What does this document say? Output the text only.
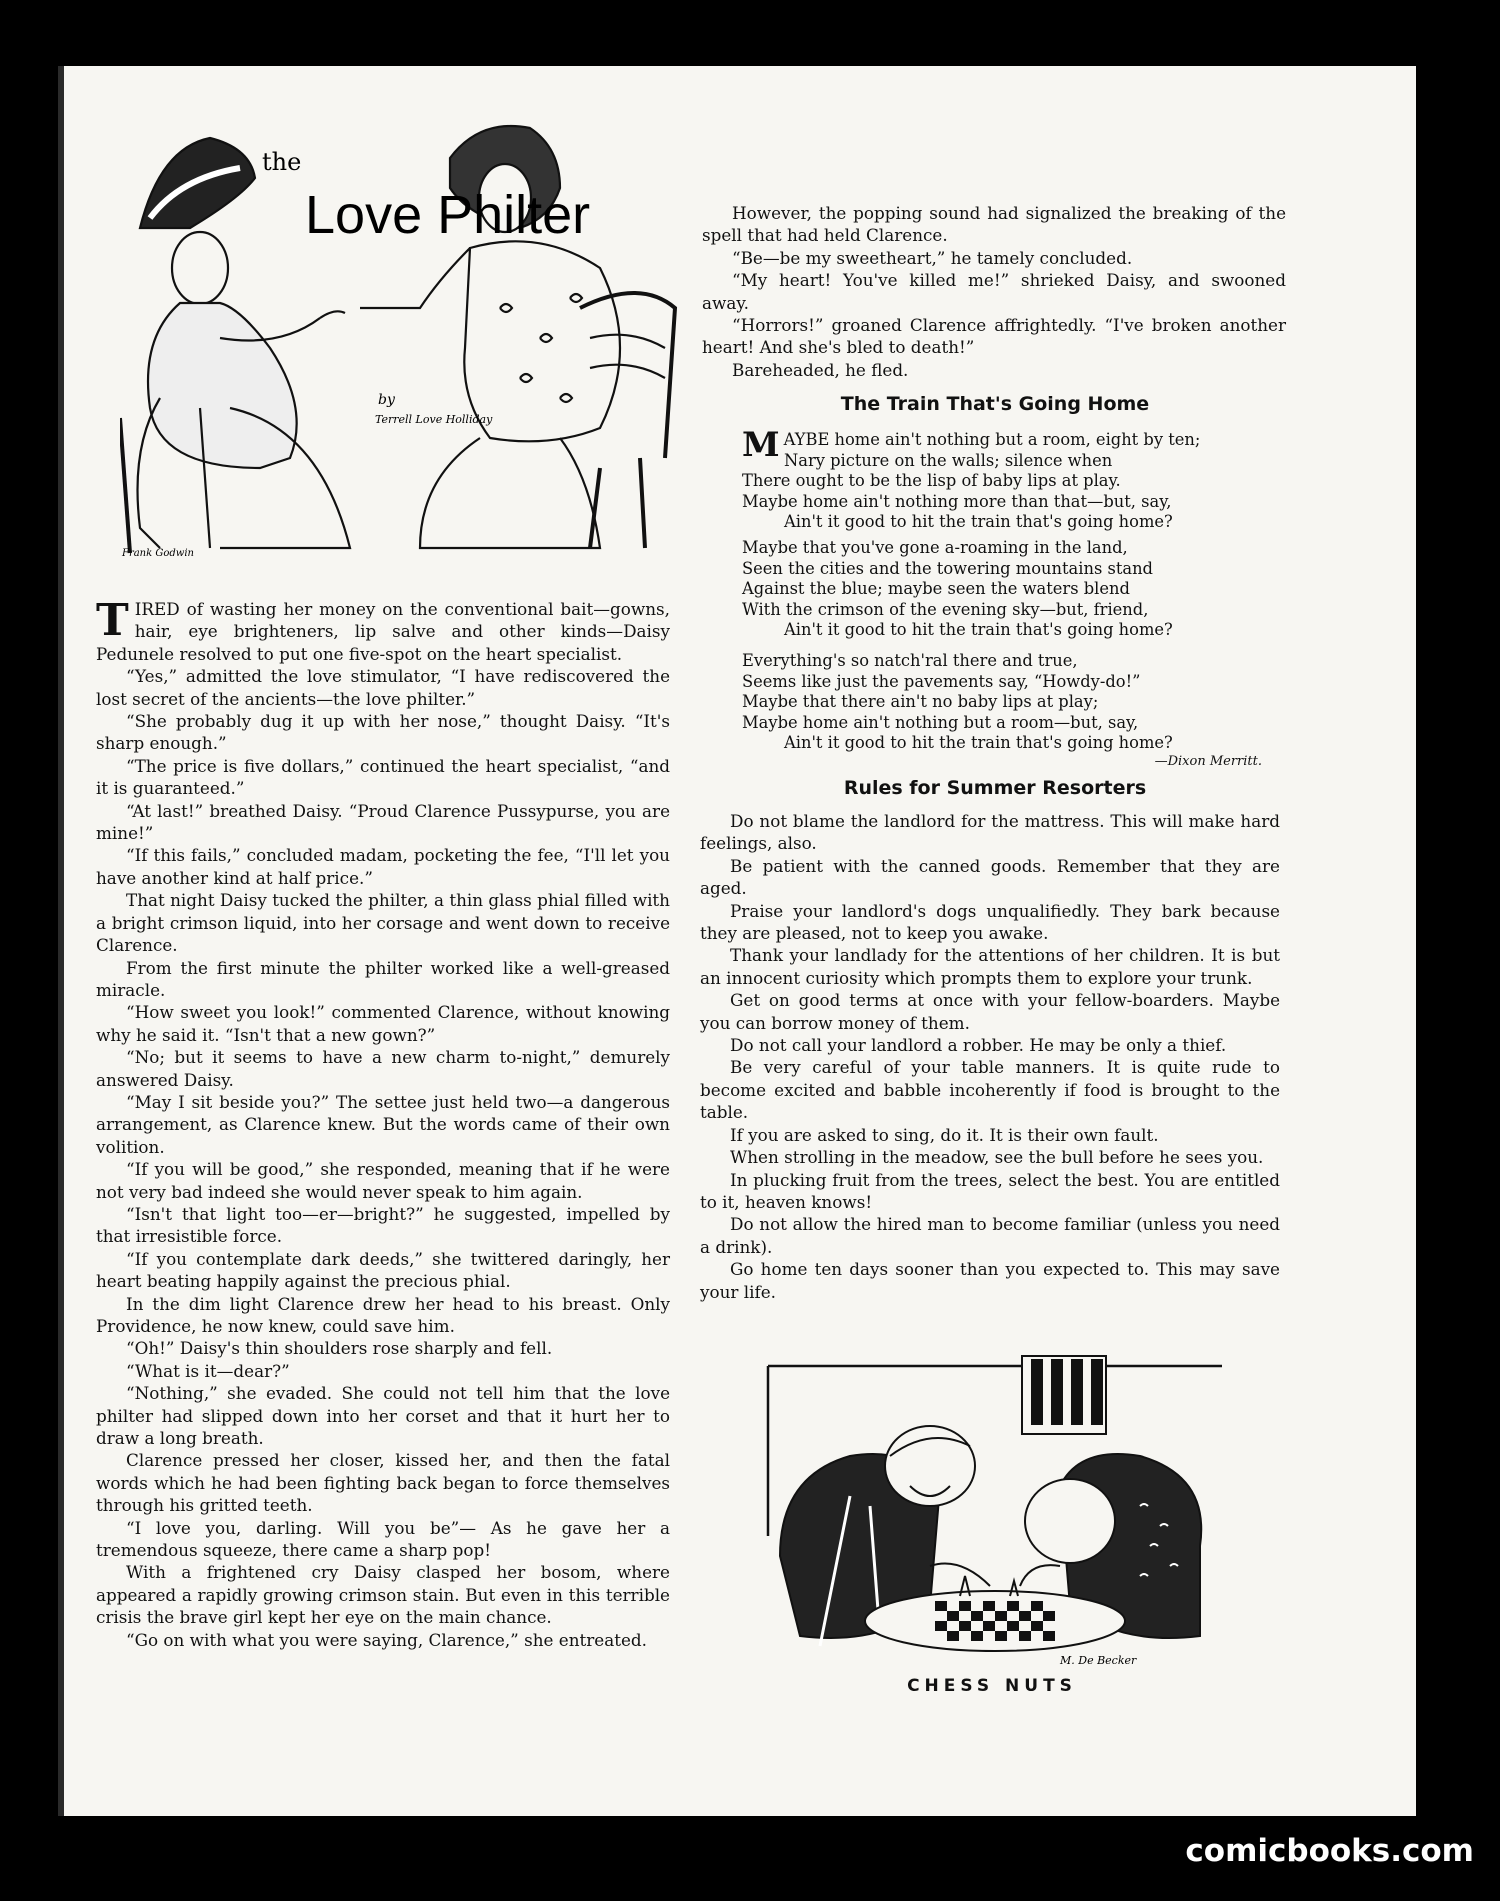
the
Love Philter
by
Terrell Love Holliday
Frank Godwin

TIRED of wasting her money on the conventional bait—gowns, hair, eye brighteners, lip salve and other kinds—Daisy Pedunele resolved to put one five-spot on the heart specialist.

“Yes,” admitted the love stimulator, “I have rediscovered the lost secret of the ancients—the love philter.”

“She probably dug it up with her nose,” thought Daisy. “It's sharp enough.”

“The price is five dollars,” continued the heart specialist, “and it is guaranteed.”

“At last!” breathed Daisy. “Proud Clarence Pussypurse, you are mine!”

“If this fails,” concluded madam, pocketing the fee, “I'll let you have another kind at half price.”

That night Daisy tucked the philter, a thin glass phial filled with a bright crimson liquid, into her corsage and went down to receive Clarence.

From the first minute the philter worked like a well-greased miracle.

“How sweet you look!” commented Clarence, without knowing why he said it. “Isn't that a new gown?”

“No; but it seems to have a new charm to-night,” demurely answered Daisy.

“May I sit beside you?” The settee just held two—a dangerous arrangement, as Clarence knew. But the words came of their own volition.

“If you will be good,” she responded, meaning that if he were not very bad indeed she would never speak to him again.

“Isn't that light too—er—bright?” he suggested, impelled by that irresistible force.

“If you contemplate dark deeds,” she twittered daringly, her heart beating happily against the precious phial.

In the dim light Clarence drew her head to his breast. Only Providence, he now knew, could save him.

“Oh!” Daisy's thin shoulders rose sharply and fell.

“What is it—dear?”

“Nothing,” she evaded. She could not tell him that the love philter had slipped down into her corset and that it hurt her to draw a long breath.

Clarence pressed her closer, kissed her, and then the fatal words which he had been fighting back began to force themselves through his gritted teeth.

“I love you, darling. Will you be”— As he gave her a tremendous squeeze, there came a sharp pop!

With a frightened cry Daisy clasped her bosom, where appeared a rapidly growing crimson stain. But even in this terrible crisis the brave girl kept her eye on the main chance.

“Go on with what you were saying, Clarence,” she entreated.

However, the popping sound had signalized the breaking of the spell that had held Clarence.

“Be—be my sweetheart,” he tamely concluded.

“My heart! You've killed me!” shrieked Daisy, and swooned away.

“Horrors!” groaned Clarence affrightedly. “I've broken another heart! And she's bled to death!”

Bareheaded, he fled.

The Train That's Going Home
MAYBE home ain't nothing but a room, eight by ten;
Nary picture on the walls; silence when
There ought to be the lisp of baby lips at play.
Maybe home ain't nothing more than that—but, say,
Ain't it good to hit the train that's going home?
Maybe that you've gone a-roaming in the land,
Seen the cities and the towering mountains stand
Against the blue; maybe seen the waters blend
With the crimson of the evening sky—but, friend,
Ain't it good to hit the train that's going home?
Everything's so natch'ral there and true,
Seems like just the pavements say, “Howdy-do!”
Maybe that there ain't no baby lips at play;
Maybe home ain't nothing but a room—but, say,
Ain't it good to hit the train that's going home?
—Dixon Merritt.
Rules for Summer Resorters

Do not blame the landlord for the mattress. This will make hard feelings, also.

Be patient with the canned goods. Remember that they are aged.

Praise your landlord's dogs unqualifiedly. They bark because they are pleased, not to keep you awake.

Thank your landlady for the attentions of her children. It is but an innocent curiosity which prompts them to explore your trunk.

Get on good terms at once with your fellow-boarders. Maybe you can borrow money of them.

Do not call your landlord a robber. He may be only a thief.

Be very careful of your table manners. It is quite rude to become excited and babble incoherently if food is brought to the table.

If you are asked to sing, do it. It is their own fault.

When strolling in the meadow, see the bull before he sees you.

In plucking fruit from the trees, select the best. You are entitled to it, heaven knows!

Do not allow the hired man to become familiar (unless you need a drink).

Go home ten days sooner than you expected to. This may save your life.

M. De Becker
CHESS NUTS
comicbooks.com
